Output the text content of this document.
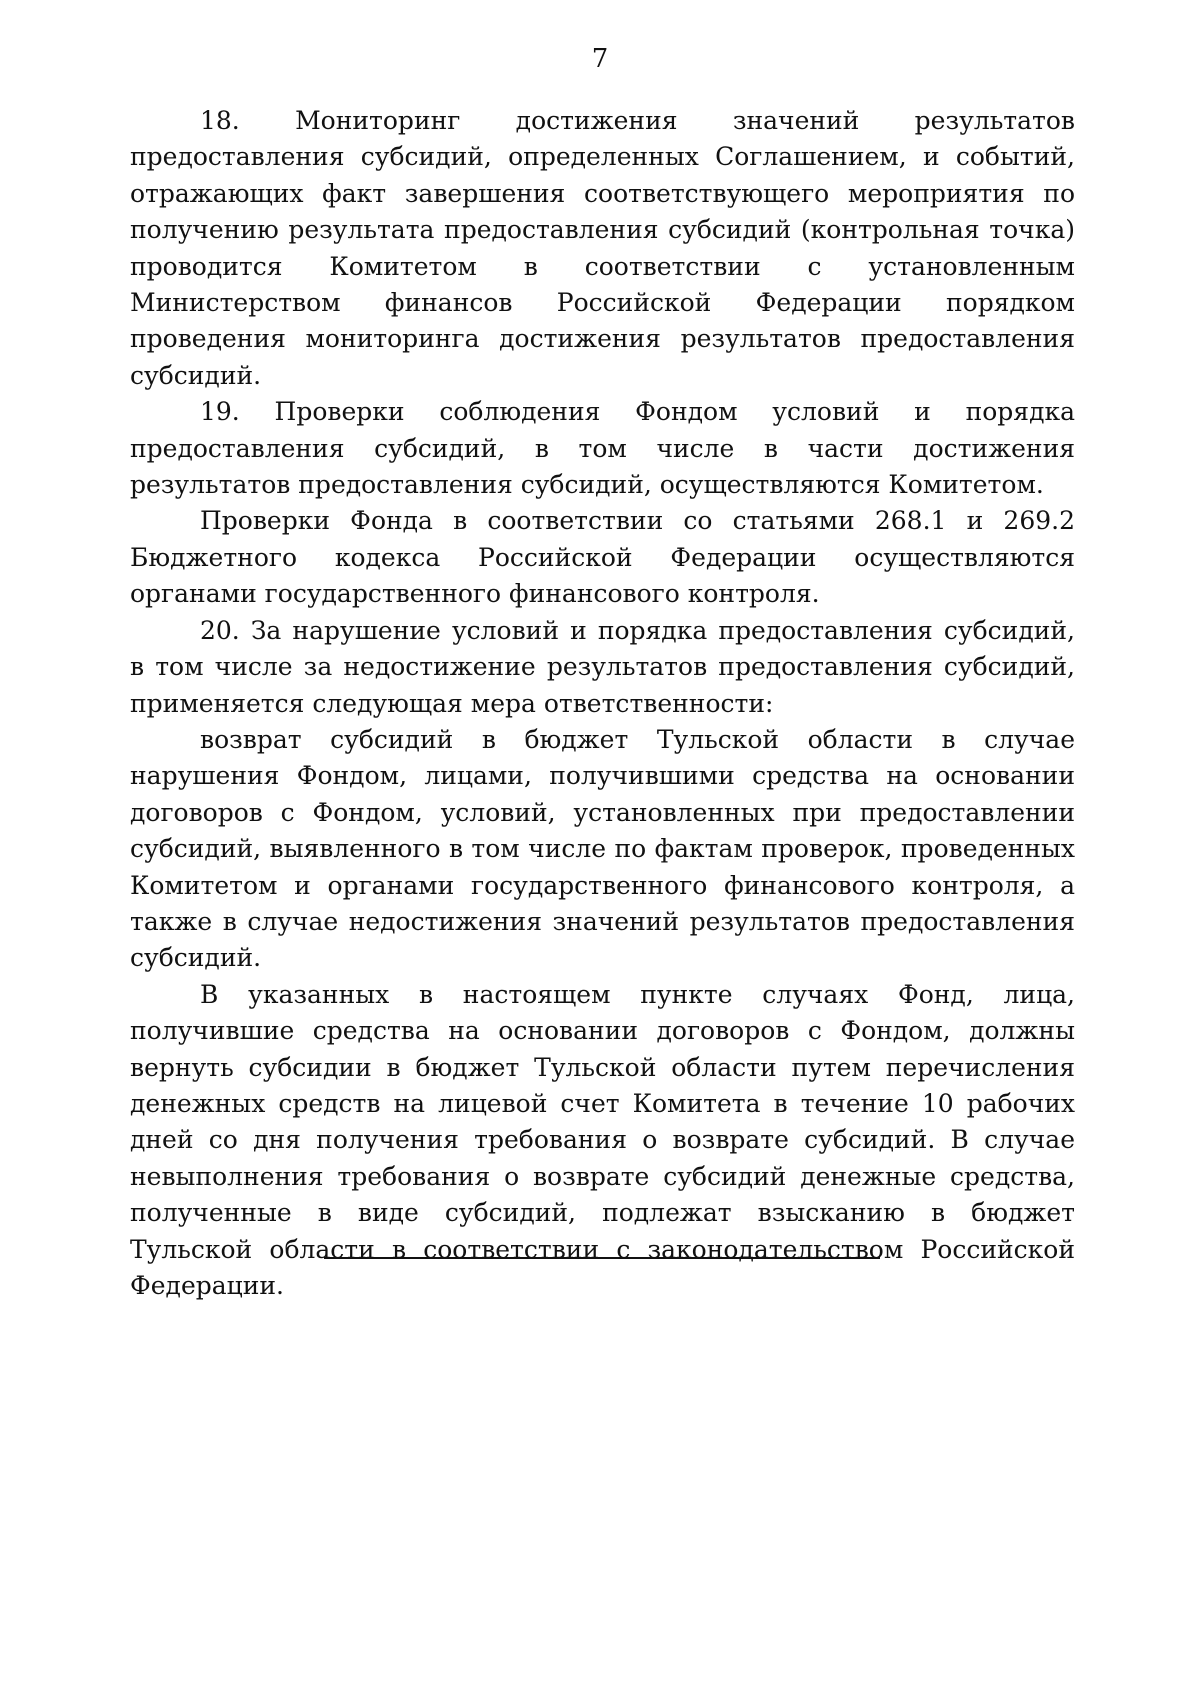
7

18. Мониторинг достижения значений результатов предоставления субсидий, определенных Соглашением, и событий, отражающих факт завершения соответствующего мероприятия по получению результата предоставления субсидий (контрольная точка) проводится Комитетом в соответствии с установленным Министерством финансов Российской Федерации порядком проведения мониторинга достижения результатов предоставления субсидий.

19. Проверки соблюдения Фондом условий и порядка предоставления субсидий, в том числе в части достижения результатов предоставления субсидий, осуществляются Комитетом.

Проверки Фонда в соответствии со статьями 268.1 и 269.2 Бюджетного кодекса Российской Федерации осуществляются органами государственного финансового контроля.

20. За нарушение условий и порядка предоставления субсидий, в том числе за недостижение результатов предоставления субсидий, применяется следующая мера ответственности:

возврат субсидий в бюджет Тульской области в случае нарушения Фондом, лицами, получившими средства на основании договоров с Фондом, условий, установленных при предоставлении субсидий, выявленного в том числе по фактам проверок, проведенных Комитетом и органами государственного финансового контроля, а также в случае недостижения значений результатов предоставления субсидий.

В указанных в настоящем пункте случаях Фонд, лица, получившие средства на основании договоров с Фондом, должны вернуть субсидии в бюджет Тульской области путем перечисления денежных средств на лицевой счет Комитета в течение 10 рабочих дней со дня получения требования о возврате субсидий. В случае невыполнения требования о возврате субсидий денежные средства, полученные в виде субсидий, подлежат взысканию в бюджет Тульской области в соответствии с законодательством Российской Федерации.
